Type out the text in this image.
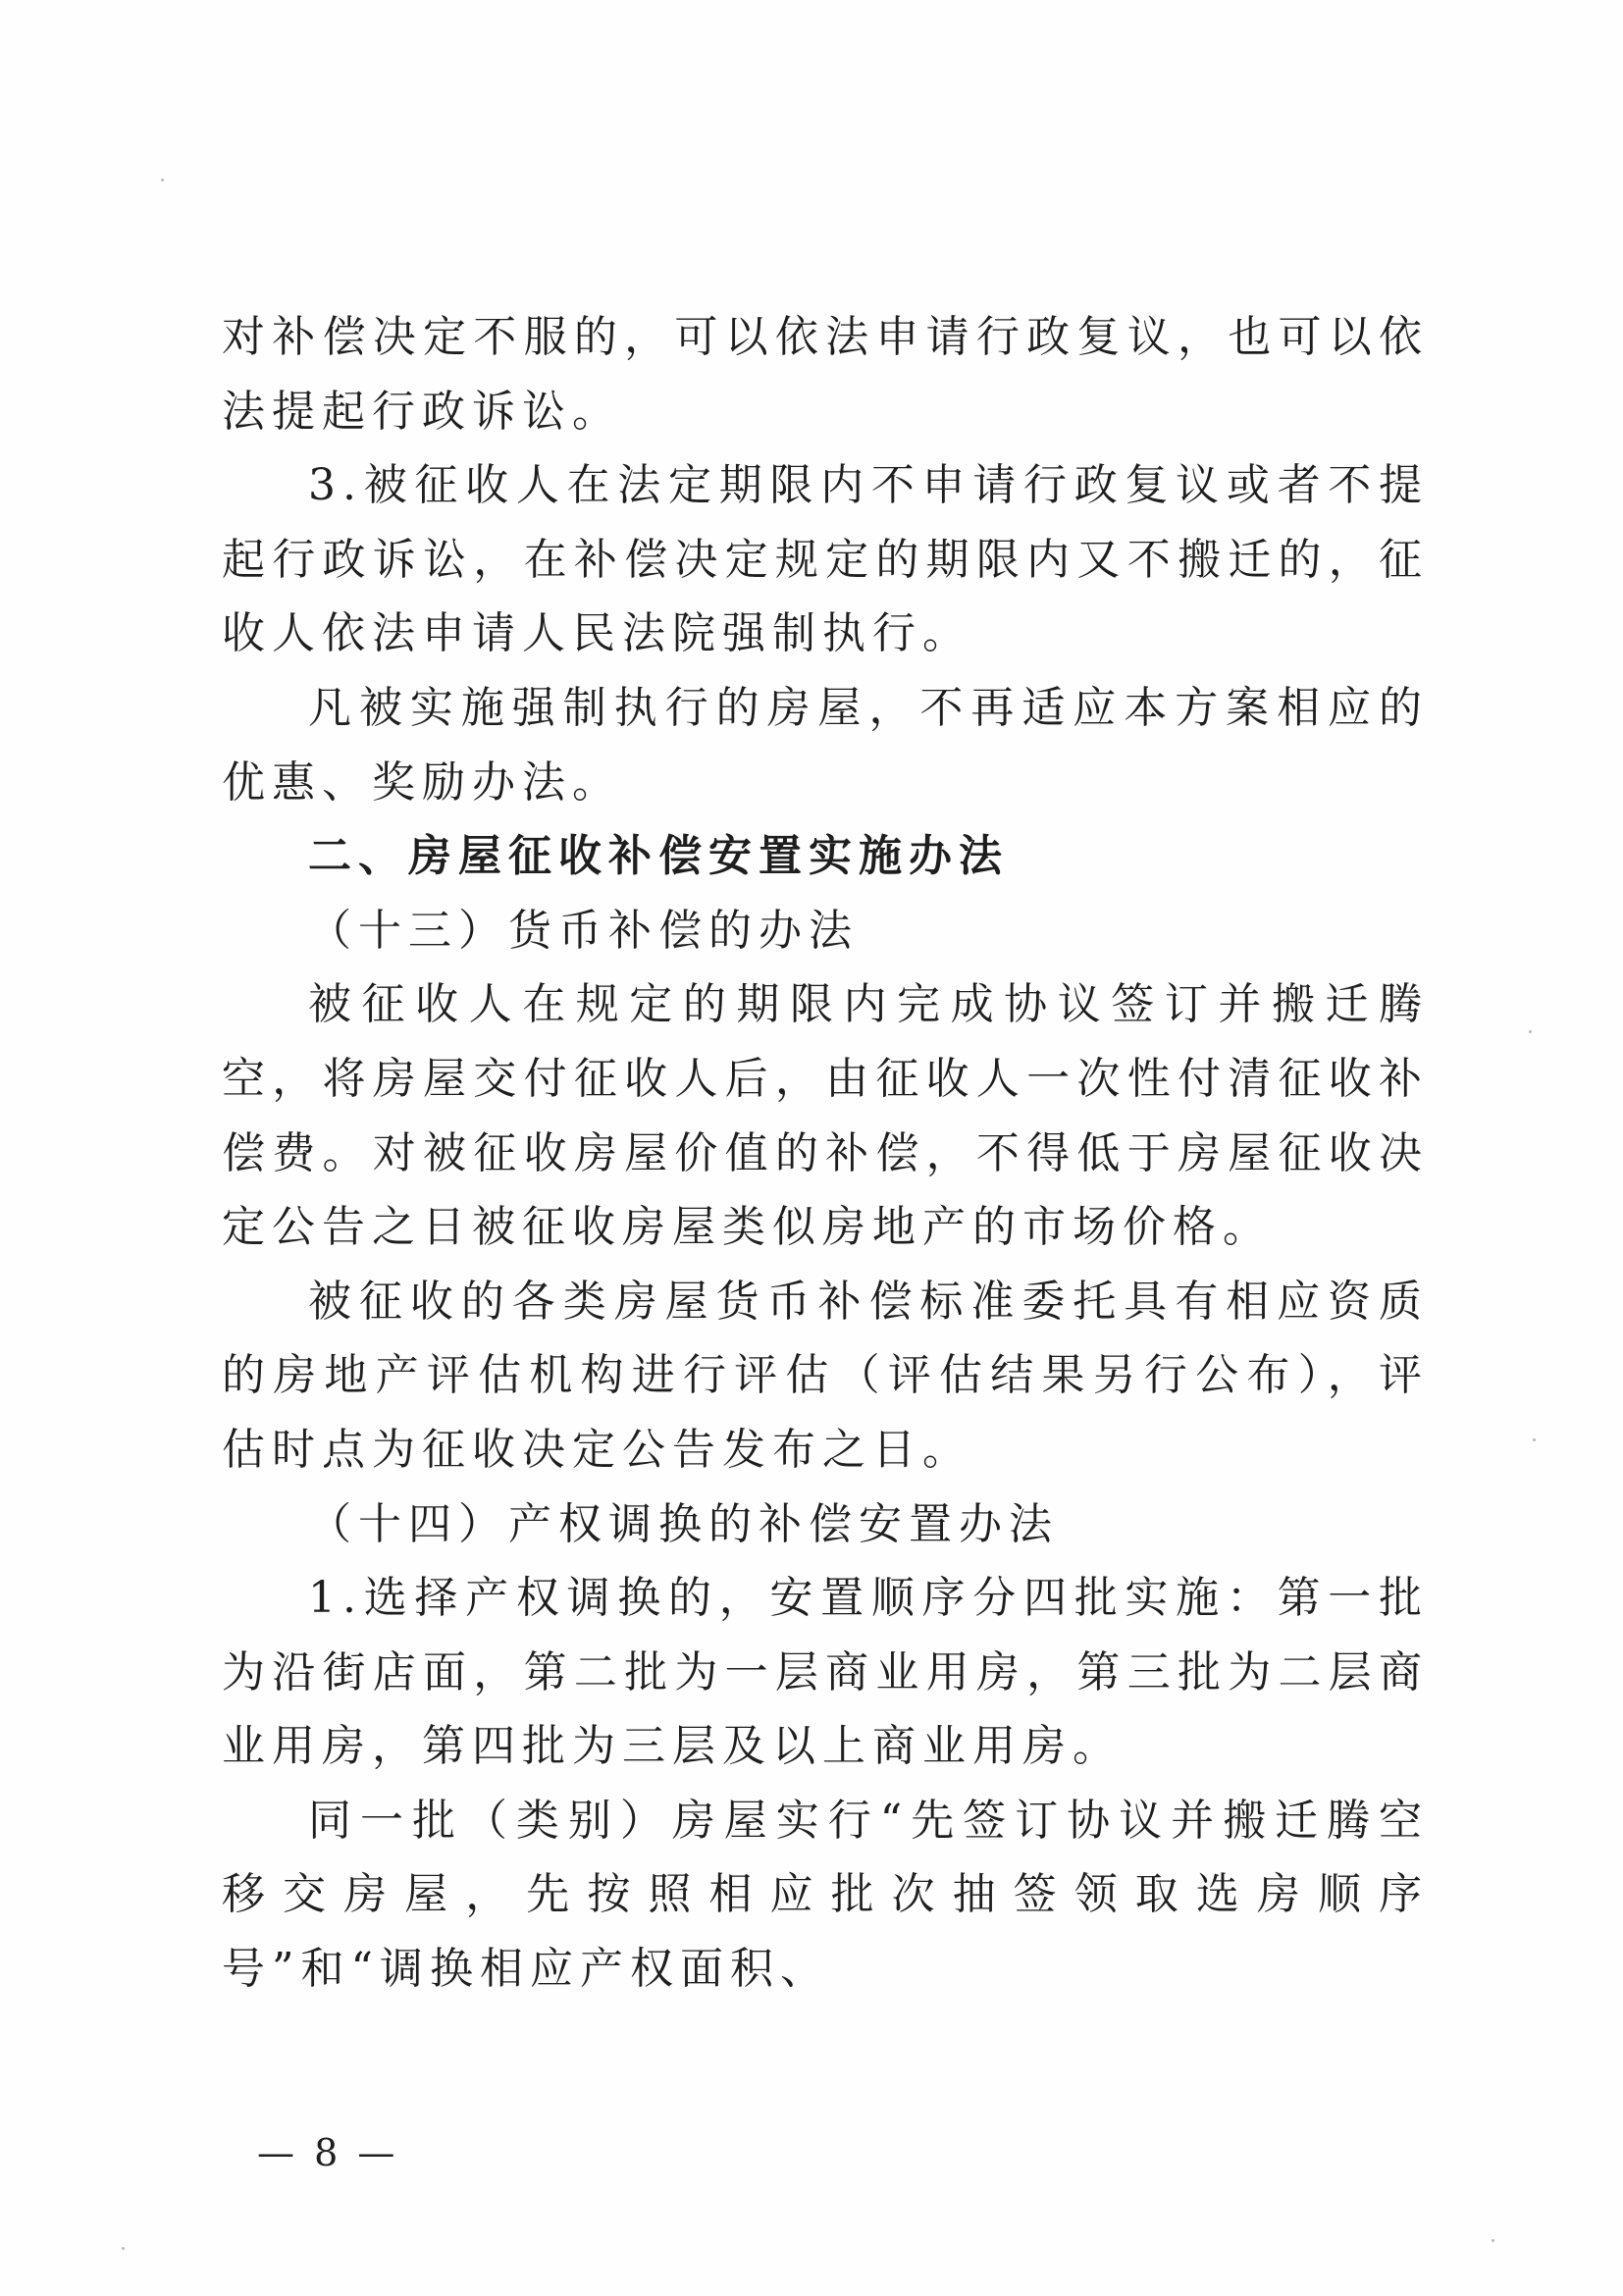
对补偿决定不服的，可以依法申请行政复议，也可以依法提起行政诉讼。

3.被征收人在法定期限内不申请行政复议或者不提起行政诉讼，在补偿决定规定的期限内又不搬迁的，征收人依法申请人民法院强制执行。

凡被实施强制执行的房屋，不再适应本方案相应的优惠、奖励办法。

二、房屋征收补偿安置实施办法

（十三）货币补偿的办法

被征收人在规定的期限内完成协议签订并搬迁腾空，将房屋交付征收人后，由征收人一次性付清征收补偿费。对被征收房屋价值的补偿，不得低于房屋征收决定公告之日被征收房屋类似房地产的市场价格。

被征收的各类房屋货币补偿标准委托具有相应资质的房地产评估机构进行评估（评估结果另行公布），评估时点为征收决定公告发布之日。

（十四）产权调换的补偿安置办法

1.选择产权调换的，安置顺序分四批实施：第一批为沿街店面，第二批为一层商业用房，第三批为二层商业用房，第四批为三层及以上商业用房。

同一批（类别）房屋实行“先签订协议并搬迁腾空移交房屋，先按照相应批次抽签领取选房顺序号”和“调换相应产权面积、

— 8 —
